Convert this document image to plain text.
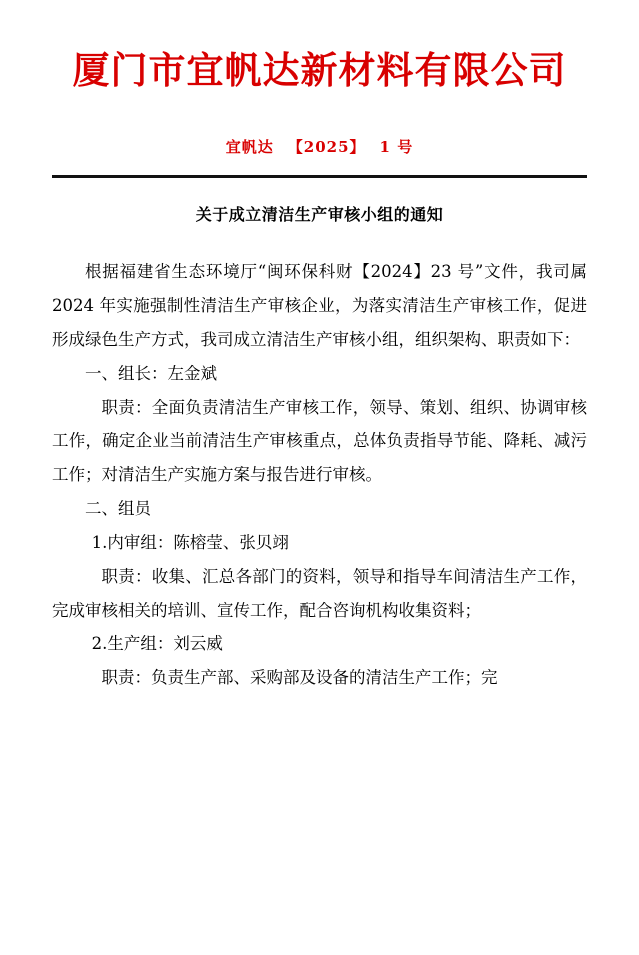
厦门市宜帆达新材料有限公司
宜帆达 【2025】 1 号
关于成立清洁生产审核小组的通知

根据福建省生态环境厅“闽环保科财【2024】23 号”文件，我司属 2024 年实施强制性清洁生产审核企业，为落实清洁生产审核工作，促进形成绿色生产方式，我司成立清洁生产审核小组，组织架构、职责如下：

一、组长：左金斌

职责：全面负责清洁生产审核工作，领导、策划、组织、协调审核工作，确定企业当前清洁生产审核重点，总体负责指导节能、降耗、减污工作；对清洁生产实施方案与报告进行审核。

二、组员

1.内审组：陈榕莹、张贝翊

职责：收集、汇总各部门的资料，领导和指导车间清洁生产工作，完成审核相关的培训、宣传工作，配合咨询机构收集资料；

2.生产组：刘云威

职责：负责生产部、采购部及设备的清洁生产工作；完
